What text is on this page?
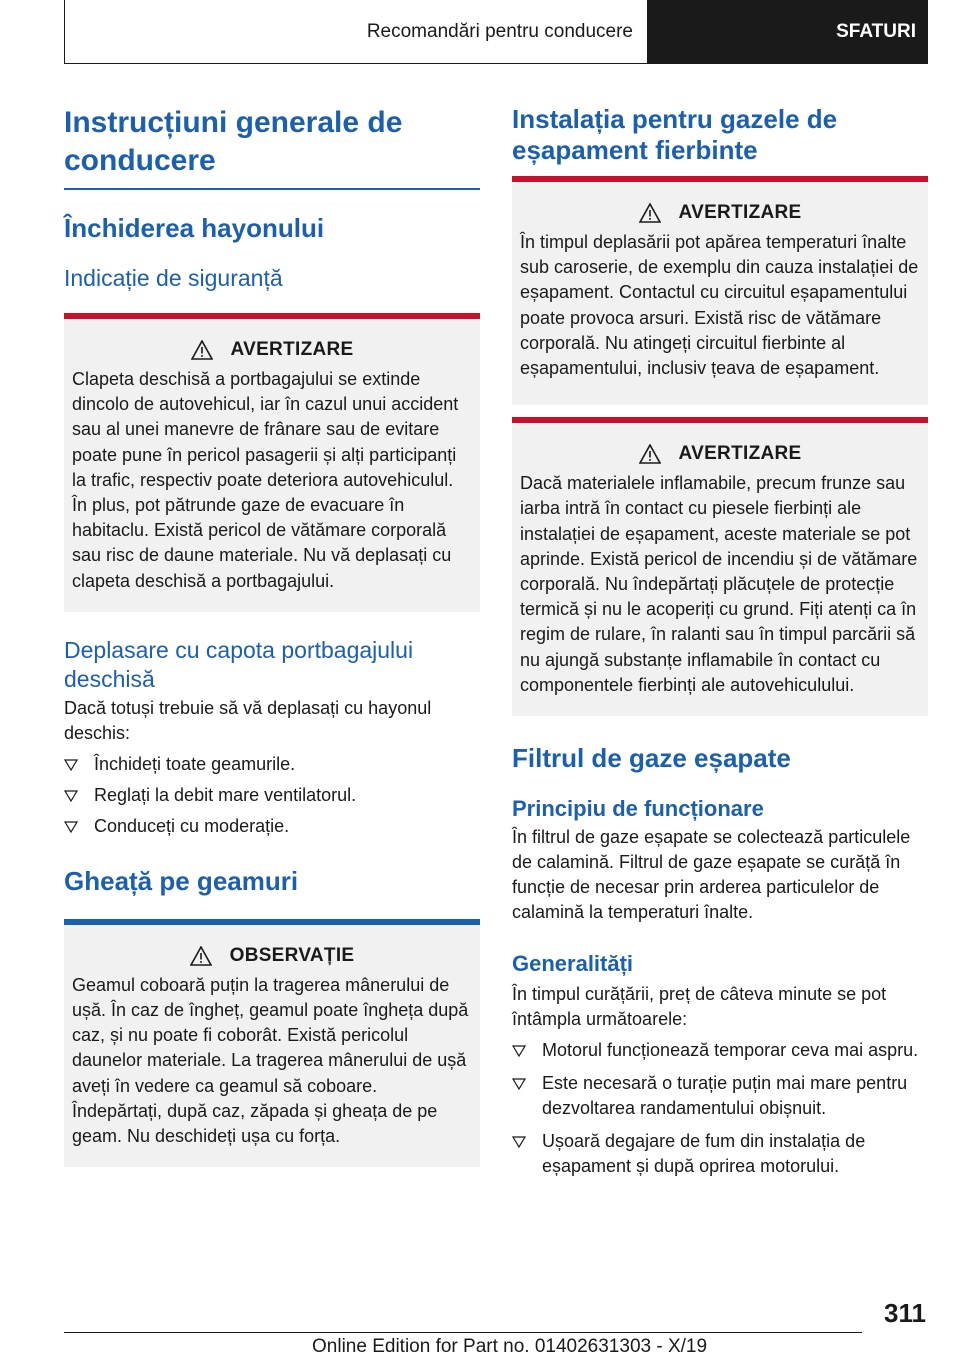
Recomandări pentru conducere	SFATURI
Instrucțiuni generale de conducere
Închiderea hayonului
Indicație de siguranță
AVERTIZARE

Clapeta deschisă a portbagajului se extinde dincolo de autovehicul, iar în cazul unui accident sau al unei manevre de frânare sau de evitare poate pune în pericol pasagerii și alți participanți la trafic, respectiv poate deteriora autovehiculul. În plus, pot pătrunde gaze de evacuare în habitaclu. Există pericol de vătămare corporală sau risc de daune materiale. Nu vă deplasați cu clapeta deschisă a portbagajului.

Deplasare cu capota portbagajului deschisă

Dacă totuși trebuie să vă deplasați cu hayonul deschis:

Închideți toate geamurile.
Reglați la debit mare ventilatorul.
Conduceți cu moderație.
Gheață pe geamuri
OBSERVAȚIE

Geamul coboară puțin la tragerea mânerului de ușă. În caz de îngheț, geamul poate îngheța după caz, și nu poate fi coborât. Există pericolul daunelor materiale. La tragerea mânerului de ușă aveți în vedere ca geamul să coboare. Îndepărtați, după caz, zăpada și gheața de pe geam. Nu deschideți ușa cu forța.

Instalația pentru gazele de eșapament fierbinte
AVERTIZARE

În timpul deplasării pot apărea temperaturi înalte sub caroserie, de exemplu din cauza instalației de eșapament. Contactul cu circuitul eșapamentului poate provoca arsuri. Există risc de vătămare corporală. Nu atingeți circuitul fierbinte al eșapamentului, inclusiv țeava de eșapament.

AVERTIZARE

Dacă materialele inflamabile, precum frunze sau iarba intră în contact cu piesele fierbinți ale instalației de eșapament, aceste materiale se pot aprinde. Există pericol de incendiu și de vătămare corporală. Nu îndepărtați plăcuțele de protecție termică și nu le acoperiți cu grund. Fiți atenți ca în regim de rulare, în ralanti sau în timpul parcării să nu ajungă substanțe inflamabile în contact cu componentele fierbinți ale autovehiculului.

Filtrul de gaze eșapate
Principiu de funcționare

În filtrul de gaze eșapate se colectează particulele de calamină. Filtrul de gaze eșapate se curăță în funcție de necesar prin arderea particulelor de calamină la temperaturi înalte.

Generalități

În timpul curățării, preț de câteva minute se pot întâmpla următoarele:

Motorul funcționează temporar ceva mai aspru.
Este necesară o turație puțin mai mare pentru dezvoltarea randamentului obișnuit.
Ușoară degajare de fum din instalația de eșapament și după oprirea motorului.
311
Online Edition for Part no. 01402631303 - X/19
